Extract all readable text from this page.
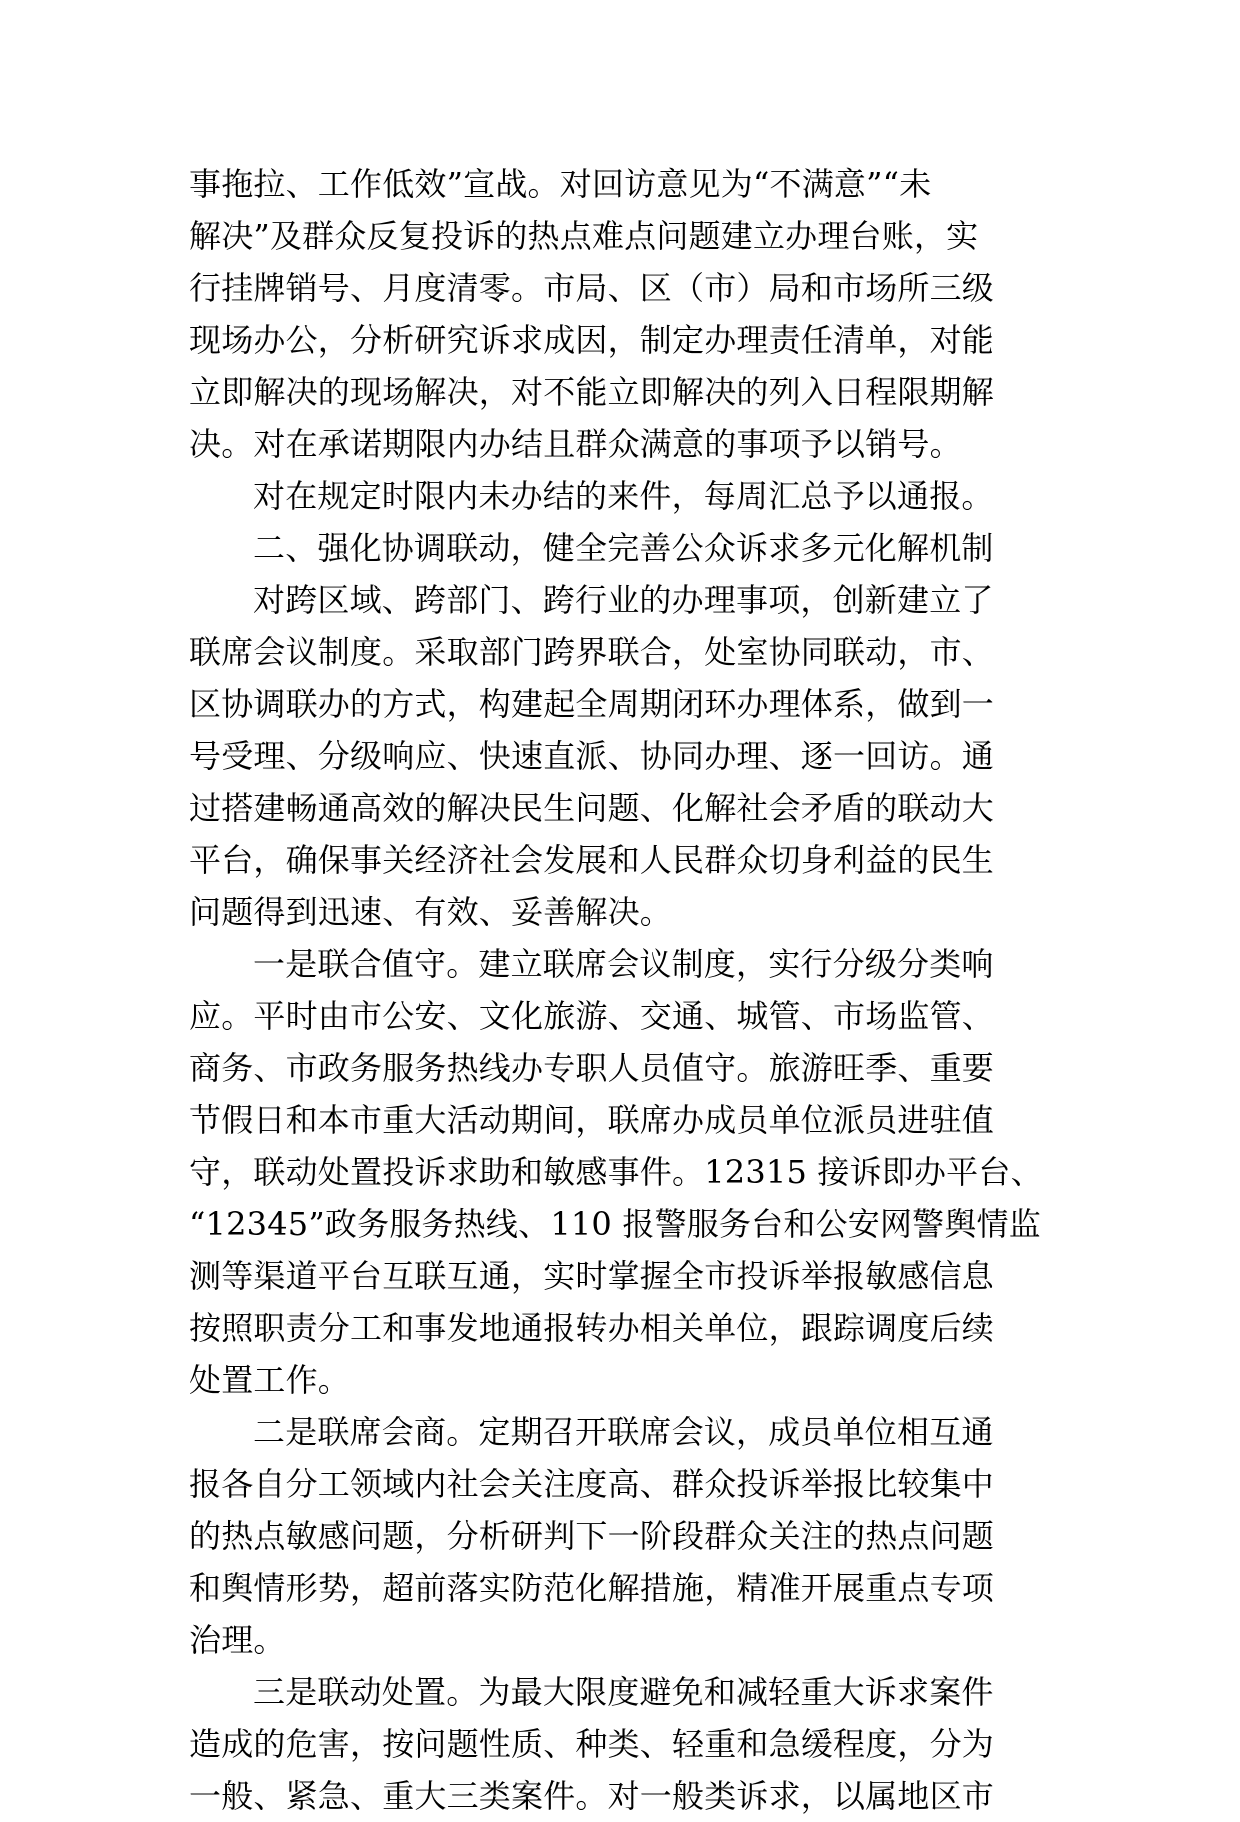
事拖拉、工作低效”宣战。对回访意见为“不满意”“未
解决”及群众反复投诉的热点难点问题建立办理台账，实
行挂牌销号、月度清零。市局、区（市）局和市场所三级
现场办公，分析研究诉求成因，制定办理责任清单，对能
立即解决的现场解决，对不能立即解决的列入日程限期解
决。对在承诺期限内办结且群众满意的事项予以销号。
对在规定时限内未办结的来件，每周汇总予以通报。
二、强化协调联动，健全完善公众诉求多元化解机制
对跨区域、跨部门、跨行业的办理事项，创新建立了
联席会议制度。采取部门跨界联合，处室协同联动，市、
区协调联办的方式，构建起全周期闭环办理体系，做到一
号受理、分级响应、快速直派、协同办理、逐一回访。通
过搭建畅通高效的解决民生问题、化解社会矛盾的联动大
平台，确保事关经济社会发展和人民群众切身利益的民生
问题得到迅速、有效、妥善解决。
一是联合值守。建立联席会议制度，实行分级分类响
应。平时由市公安、文化旅游、交通、城管、市场监管、
商务、市政务服务热线办专职人员值守。旅游旺季、重要
节假日和本市重大活动期间，联席办成员单位派员进驻值
守，联动处置投诉求助和敏感事件。12315 接诉即办平台、
“12345”政务服务热线、110 报警服务台和公安网警舆情监
测等渠道平台互联互通，实时掌握全市投诉举报敏感信息
按照职责分工和事发地通报转办相关单位，跟踪调度后续
处置工作。
二是联席会商。定期召开联席会议，成员单位相互通
报各自分工领域内社会关注度高、群众投诉举报比较集中
的热点敏感问题，分析研判下一阶段群众关注的热点问题
和舆情形势，超前落实防范化解措施，精准开展重点专项
治理。
三是联动处置。为最大限度避免和减轻重大诉求案件
造成的危害，按问题性质、种类、轻重和急缓程度，分为
一般、紧急、重大三类案件。对一般类诉求，以属地区市
